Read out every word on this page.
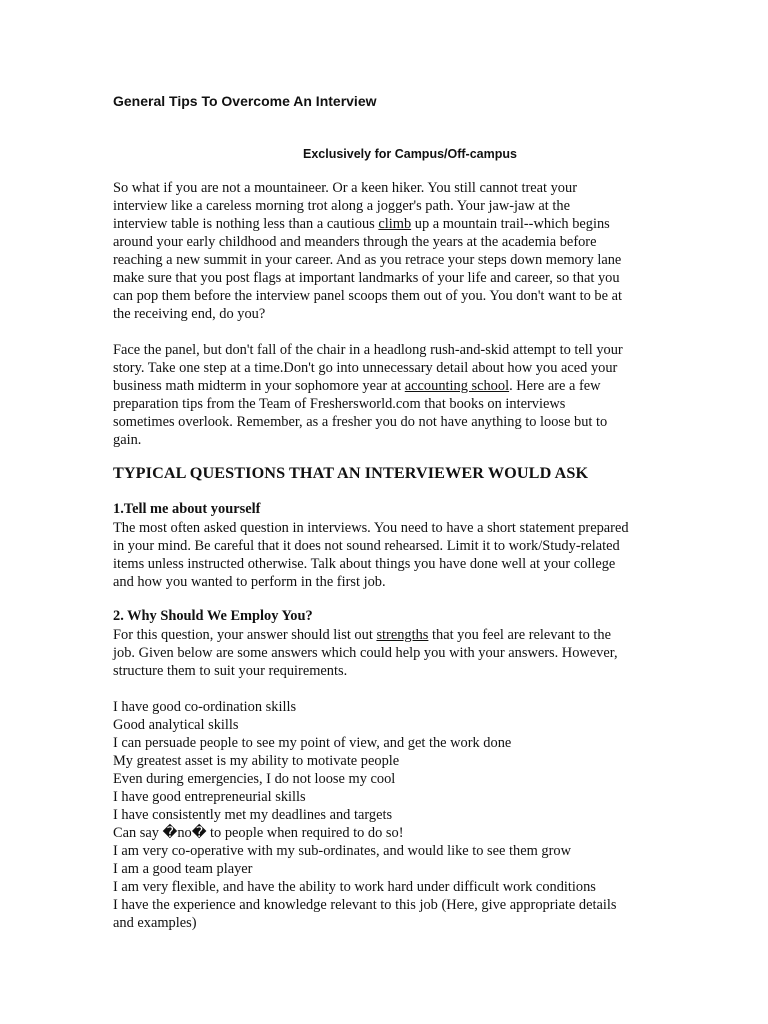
General Tips To Overcome An Interview
Exclusively for Campus/Off-campus

So what if you are not a mountaineer. Or a keen hiker. You still cannot treat your
interview like a careless morning trot along a jogger's path. Your jaw-jaw at the
interview table is nothing less than a cautious climb up a mountain trail--which begins
around your early childhood and meanders through the years at the academia before
reaching a new summit in your career. And as you retrace your steps down memory lane
make sure that you post flags at important landmarks of your life and career, so that you
can pop them before the interview panel scoops them out of you. You don't want to be at
the receiving end, do you?

Face the panel, but don't fall of the chair in a headlong rush-and-skid attempt to tell your
story. Take one step at a time.Don't go into unnecessary detail about how you aced your
business math midterm in your sophomore year at accounting school. Here are a few
preparation tips from the Team of Freshersworld.com that books on interviews
sometimes overlook. Remember, as a fresher you do not have anything to loose but to
gain.

TYPICAL QUESTIONS THAT AN INTERVIEWER WOULD ASK
1.Tell me about yourself

The most often asked question in interviews. You need to have a short statement prepared
in your mind. Be careful that it does not sound rehearsed. Limit it to work/Study-related
items unless instructed otherwise. Talk about things you have done well at your college
and how you wanted to perform in the first job.

2. Why Should We Employ You?

For this question, your answer should list out strengths that you feel are relevant to the
job. Given below are some answers which could help you with your answers. However,
structure them to suit your requirements.

I have good co-ordination skills
Good analytical skills
I can persuade people to see my point of view, and get the work done
My greatest asset is my ability to motivate people
Even during emergencies, I do not loose my cool
I have good entrepreneurial skills
I have consistently met my deadlines and targets
Can say �no� to people when required to do so!
I am very co-operative with my sub-ordinates, and would like to see them grow
I am a good team player
I am very flexible, and have the ability to work hard under difficult work conditions
I have the experience and knowledge relevant to this job (Here, give appropriate details
and examples)
